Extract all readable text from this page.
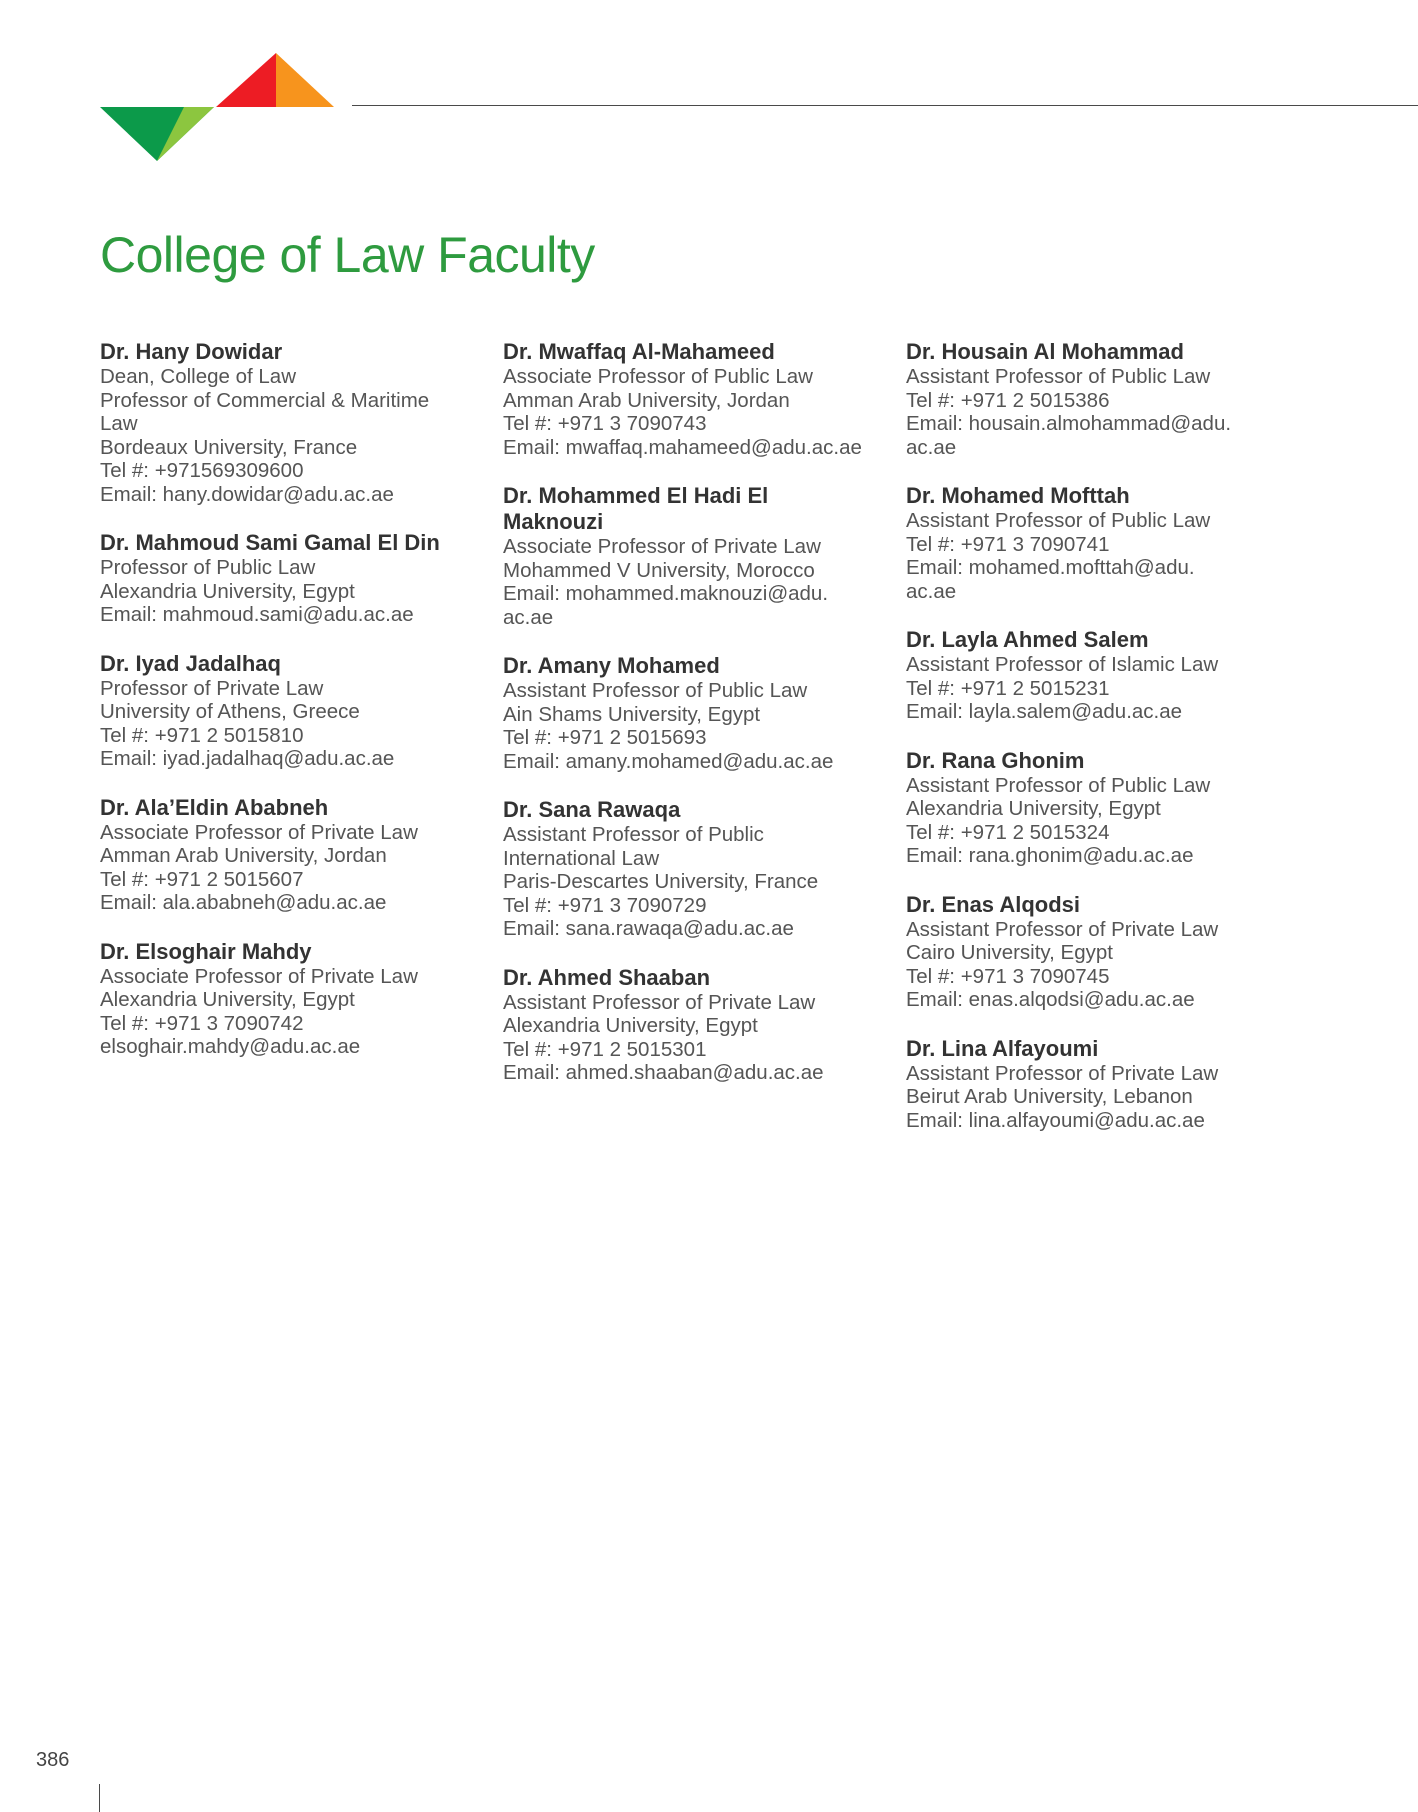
College of Law Faculty
Dr. Hany Dowidar
Dean, College of Law
Professor of Commercial & Maritime
Law
Bordeaux University, France
Tel #: +971569309600
Email: hany.dowidar@adu.ac.ae
Dr. Mahmoud Sami Gamal El Din
Professor of Public Law
Alexandria University, Egypt
Email: mahmoud.sami@adu.ac.ae
Dr. Iyad Jadalhaq
Professor of Private Law
University of Athens, Greece
Tel #: +971 2 5015810
Email: iyad.jadalhaq@adu.ac.ae
Dr. Ala’Eldin Ababneh
Associate Professor of Private Law
Amman Arab University, Jordan
Tel #: +971 2 5015607
Email: ala.ababneh@adu.ac.ae
Dr. Elsoghair Mahdy
Associate Professor of Private Law
Alexandria University, Egypt
Tel #: +971 3 7090742
elsoghair.mahdy@adu.ac.ae
Dr. Mwaffaq Al-Mahameed
Associate Professor of Public Law
Amman Arab University, Jordan
Tel #: +971 3 7090743
Email: mwaffaq.mahameed@adu.ac.ae
Dr. Mohammed El Hadi El
Maknouzi
Associate Professor of Private Law
Mohammed V University, Morocco
Email: mohammed.maknouzi@adu.
ac.ae
Dr. Amany Mohamed
Assistant Professor of Public Law
Ain Shams University, Egypt
Tel #: +971 2 5015693
Email: amany.mohamed@adu.ac.ae
Dr. Sana Rawaqa
Assistant Professor of Public
International Law
Paris-Descartes University, France
Tel #: +971 3 7090729
Email: sana.rawaqa@adu.ac.ae
Dr. Ahmed Shaaban
Assistant Professor of Private Law
Alexandria University, Egypt
Tel #: +971 2 5015301
Email: ahmed.shaaban@adu.ac.ae
Dr. Housain Al Mohammad
Assistant Professor of Public Law
Tel #: +971 2 5015386
Email: housain.almohammad@adu.
ac.ae
Dr. Mohamed Mofttah
Assistant Professor of Public Law
Tel #: +971 3 7090741
Email: mohamed.mofttah@adu.
ac.ae
Dr. Layla Ahmed Salem
Assistant Professor of Islamic Law
Tel #: +971 2 5015231
Email: layla.salem@adu.ac.ae
Dr. Rana Ghonim
Assistant Professor of Public Law
Alexandria University, Egypt
Tel #: +971 2 5015324
Email: rana.ghonim@adu.ac.ae
Dr. Enas Alqodsi
Assistant Professor of Private Law
Cairo University, Egypt
Tel #: +971 3 7090745
Email: enas.alqodsi@adu.ac.ae
Dr. Lina Alfayoumi
Assistant Professor of Private Law
Beirut Arab University, Lebanon
Email: lina.alfayoumi@adu.ac.ae
386
